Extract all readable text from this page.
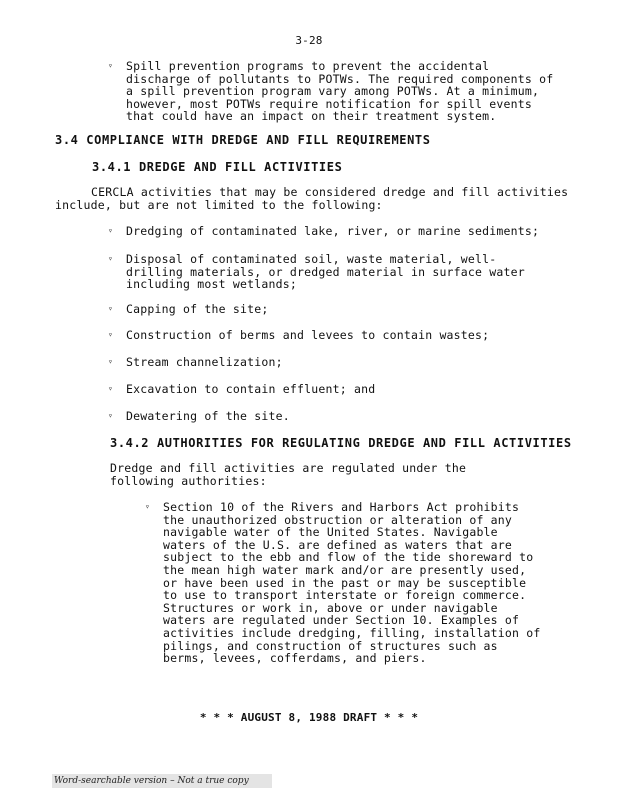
3-28
▿ Spill prevention programs to prevent the accidental discharge of pollutants to POTWs. The required components of a spill prevention program vary among POTWs. At a minimum, however, most POTWs require notification for spill events that could have an impact on their treatment system.
3.4 COMPLIANCE WITH DREDGE AND FILL REQUIREMENTS
3.4.1 DREDGE AND FILL ACTIVITIES
CERCLA activities that may be considered dredge and fill activities include, but are not limited to the following:
▿ Dredging of contaminated lake, river, or marine sediments;
▿ Disposal of contaminated soil, waste material, well-drilling materials, or dredged material in surface water including most wetlands;
▿ Capping of the site;
▿ Construction of berms and levees to contain wastes;
▿ Stream channelization;
▿ Excavation to contain effluent; and
▿ Dewatering of the site.
3.4.2 AUTHORITIES FOR REGULATING DREDGE AND FILL ACTIVITIES
Dredge and fill activities are regulated under the following authorities:
▿ Section 10 of the Rivers and Harbors Act prohibits the unauthorized obstruction or alteration of any navigable water of the United States. Navigable waters of the U.S. are defined as waters that are subject to the ebb and flow of the tide shoreward to the mean high water mark and/or are presently used, or have been used in the past or may be susceptible to use to transport interstate or foreign commerce. Structures or work in, above or under navigable waters are regulated under Section 10. Examples of activities include dredging, filling, installation of pilings, and construction of structures such as berms, levees, cofferdams, and piers.
* * * AUGUST 8, 1988 DRAFT * * *
Word-searchable version – Not a true copy
